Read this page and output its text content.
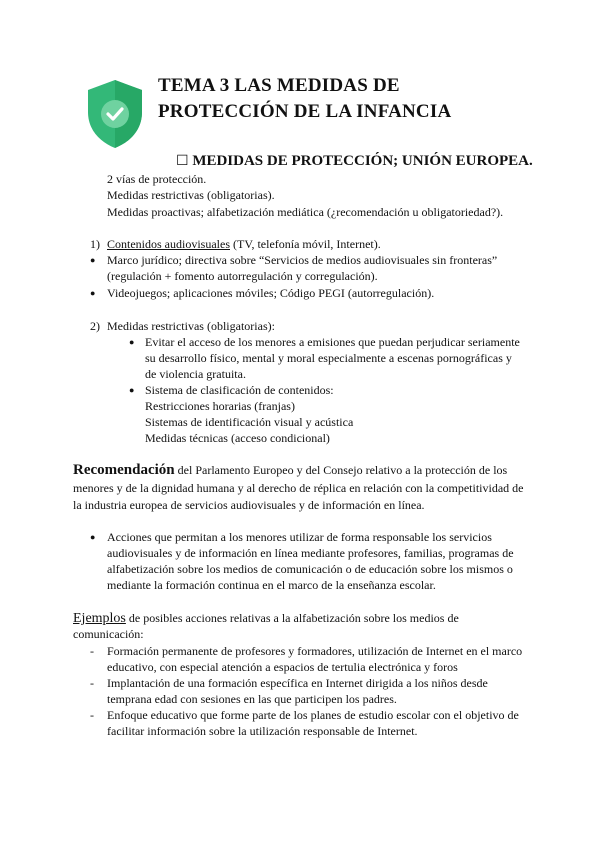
TEMA 3 LAS MEDIDAS DE
PROTECCIÓN DE LA INFANCIA
☐ MEDIDAS DE PROTECCIÓN; UNIÓN EUROPEA.
2 vías de protección.
Medidas restrictivas (obligatorias).
Medidas proactivas; alfabetización mediática (¿recomendación u obligatoriedad?).
1) Contenidos audiovisuales (TV, telefonía móvil, Internet).
● Marco jurídico; directiva sobre “Servicios de medios audiovisuales sin fronteras”
(regulación + fomento autorregulación y corregulación).
● Videojuegos; aplicaciones móviles; Código PEGI (autorregulación).
2) Medidas restrictivas (obligatorias):
● Evitar el acceso de los menores a emisiones que puedan perjudicar seriamente
su desarrollo físico, mental y moral especialmente a escenas pornográficas y
de violencia gratuita.
● Sistema de clasificación de contenidos:
Restricciones horarias (franjas)
Sistemas de identificación visual y acústica
Medidas técnicas (acceso condicional)
Recomendación del Parlamento Europeo y del Consejo relativo a la protección de los
menores y de la dignidad humana y al derecho de réplica en relación con la competitividad de
la industria europea de servicios audiovisuales y de información en línea.
● Acciones que permitan a los menores utilizar de forma responsable los servicios
audiovisuales y de información en línea mediante profesores, familias, programas de
alfabetización sobre los medios de comunicación o de educación sobre los mismos o
mediante la formación continua en el marco de la enseñanza escolar.
Ejemplos de posibles acciones relativas a la alfabetización sobre los medios de
comunicación:
- Formación permanente de profesores y formadores, utilización de Internet en el marco
educativo, con especial atención a espacios de tertulia electrónica y foros
- Implantación de una formación específica en Internet dirigida a los niños desde
temprana edad con sesiones en las que participen los padres.
- Enfoque educativo que forme parte de los planes de estudio escolar con el objetivo de
facilitar información sobre la utilización responsable de Internet.
